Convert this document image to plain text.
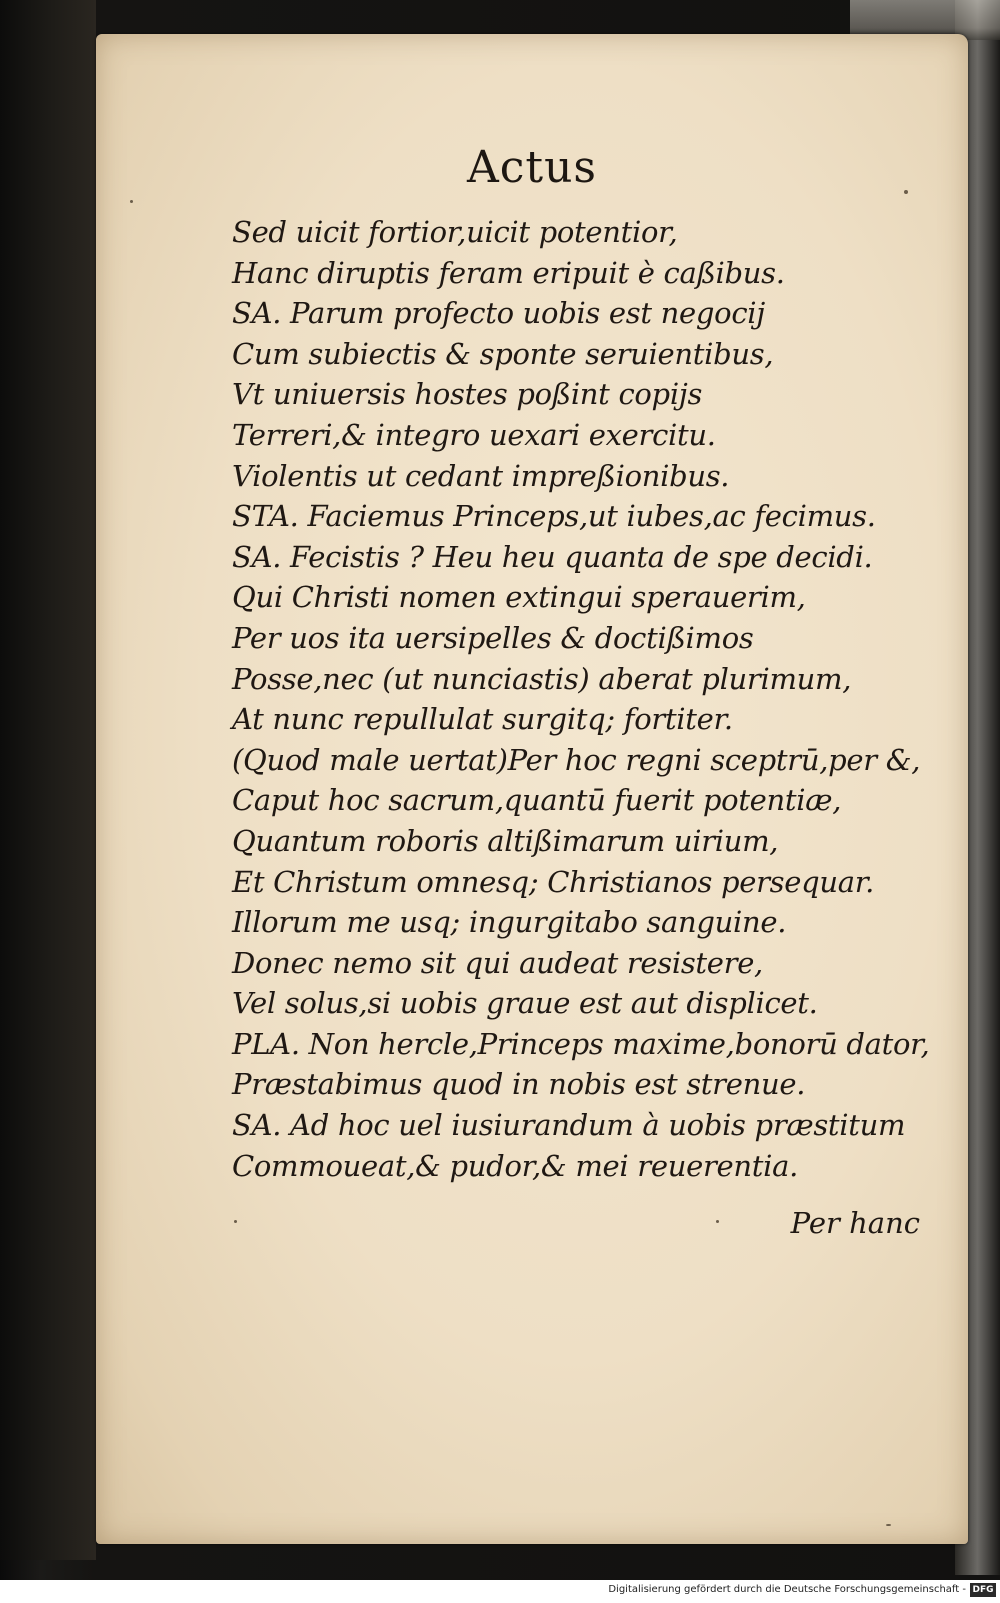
Actus
Sed uicit fortior,uicit potentior,
Hanc diruptis feram eripuit è caßibus.
SA. Parum profecto uobis est negocij
Cum subiectis & sponte seruientibus,
Vt uniuersis hostes poßint copijs
Terreri,& integro uexari exercitu.
Violentis ut cedant impreßionibus.
STA. Faciemus Princeps,ut iubes,ac fecimus.
SA. Fecistis ? Heu heu quanta de spe decidi.
Qui Christi nomen extingui sperauerim,
Per uos ita uersipelles & doctißimos
Posse,nec (ut nunciastis) aberat plurimum,
At nunc repullulat surgitq; fortiter.
(Quod male uertat)Per hoc regni sceptrū,per &,
Caput hoc sacrum,quantū fuerit potentiæ,
Quantum roboris altißimarum uirium,
Et Christum omnesq; Christianos persequar.
Illorum me usq; ingurgitabo sanguine.
Donec nemo sit qui audeat resistere,
Vel solus,si uobis graue est aut displicet.
PLA. Non hercle,Princeps maxime,bonorū dator,
Præstabimus quod in nobis est strenue.
SA. Ad hoc uel iusiurandum à uobis præstitum
Commoueat,& pudor,& mei reuerentia.
Per hanc
Digitalisierung gefördert durch die Deutsche Forschungsgemeinschaft - DFG
